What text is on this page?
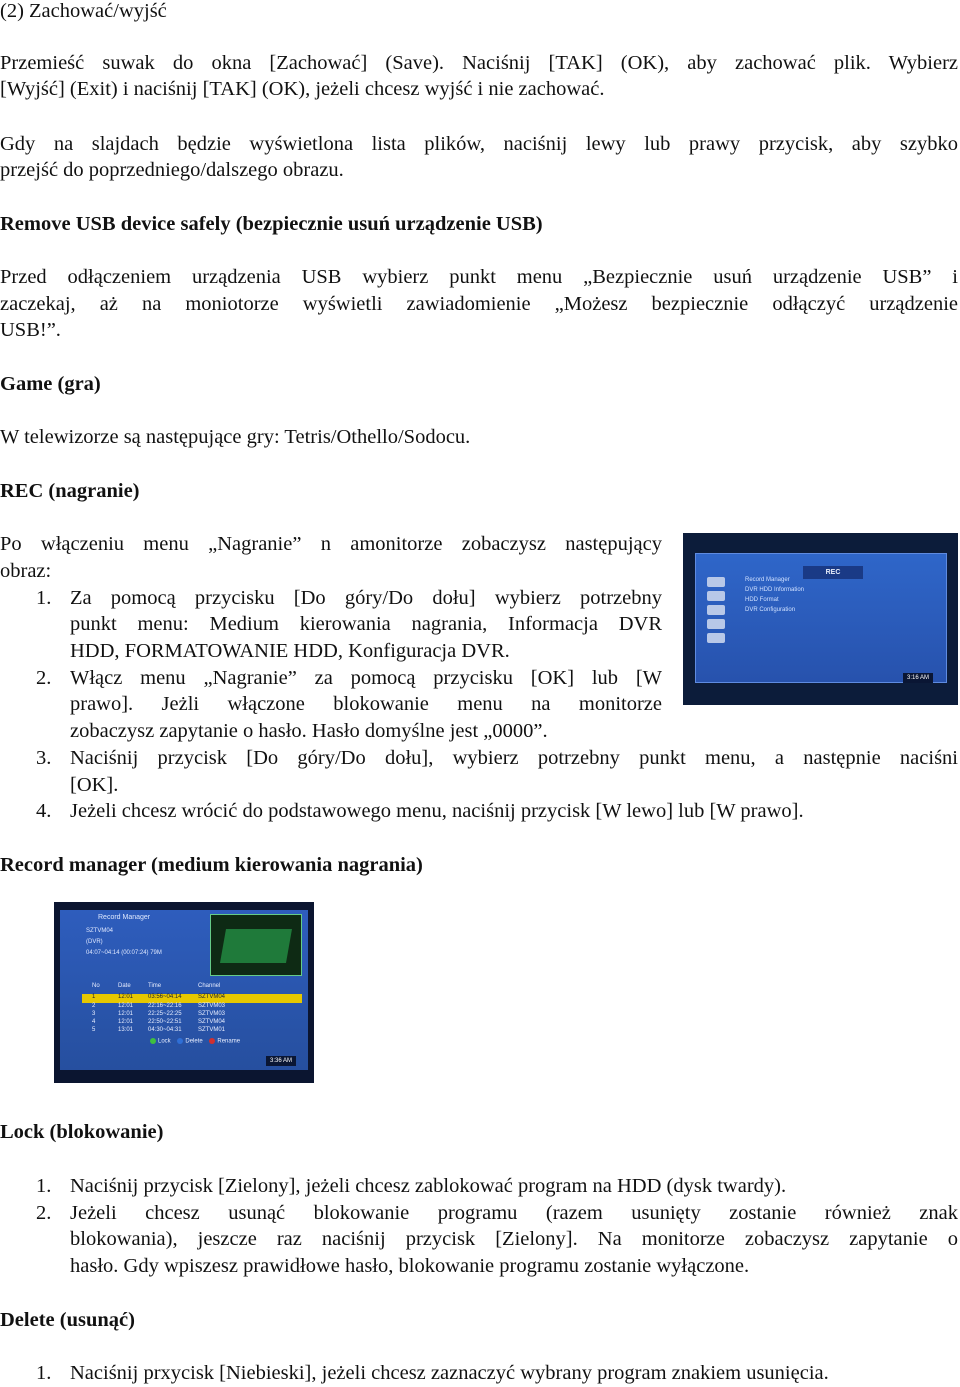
(2) Zachować/wyjść
Przemieść suwak do okna [Zachować] (Save). Naciśnij [TAK] (OK), aby zachować plik. Wybierz
[Wyjść] (Exit) i naciśnij [TAK] (OK), jeżeli chcesz wyjść i nie zachować.
Gdy na slajdach będzie wyświetlona lista plików, naciśnij lewy lub prawy przycisk, aby szybko
przejść do poprzedniego/dalszego obrazu.
Remove USB device safely (bezpiecznie usuń urządzenie USB)
Przed odłączeniem urządzenia USB wybierz punkt menu „Bezpiecznie usuń urządzenie USB” i
zaczekaj, aż na moniotorze wyświetli zawiadomienie „Możesz bezpiecznie odłączyć urządzenie
USB!”.
Game (gra)
W telewizorze są następujące gry: Tetris/Othello/Sodocu.
REC (nagranie)
Po włączeniu menu „Nagranie” n amonitorze zobaczysz następujący
obraz:
1. Za pomocą przycisku [Do góry/Do dołu] wybierz potrzebny
punkt menu: Medium kierowania nagrania, Informacja DVR
HDD, FORMATOWANIE HDD, Konfiguracja DVR.
2. Włącz menu „Nagranie” za pomocą przycisku [OK] lub [W
prawo]. Jeżli włączone blokowanie menu na monitorze
zobaczysz zapytanie o hasło. Hasło domyślne jest „0000”.
3. Naciśnij przycisk [Do góry/Do dołu], wybierz potrzebny punkt menu, a następnie naciśni
[OK].
4. Jeżeli chcesz wrócić do podstawowego menu, naciśnij przycisk [W lewo] lub [W prawo].
REC
Record Manager
DVR HDD Information
HDD Format
DVR Configuration
3:16 AM
Record manager (medium kierowania nagrania)
Record Manager
SZTVM04
(DVR)
04:07~04:14 (00:07:24) 79M
No	Date	Time	Channel
1	12:01 03:56~04:14	SZTVM04
2	12:01 22:16~22:16	SZTVM03
3	12:01 22:25~22:25	SZTVM03
4	12:01 22:50~22:51	SZTVM04
5	13:01 04:30~04:31	SZTVM01
Lock Delete Rename
3:36 AM
Lock (blokowanie)
1. Naciśnij przycisk [Zielony], jeżeli chcesz zablokować program na HDD (dysk twardy).
2. Jeżeli chcesz usunąć blokowanie programu (razem usunięty zostanie również znak
blokowania), jeszcze raz naciśnij przycisk [Zielony]. Na monitorze zobaczysz zapytanie o
hasło. Gdy wpiszesz prawidłowe hasło, blokowanie programu zostanie wyłączone.
Delete (usunąć)
1. Naciśnij prxycisk [Niebieski], jeżeli chcesz zaznaczyć wybrany program znakiem usunięcia.
